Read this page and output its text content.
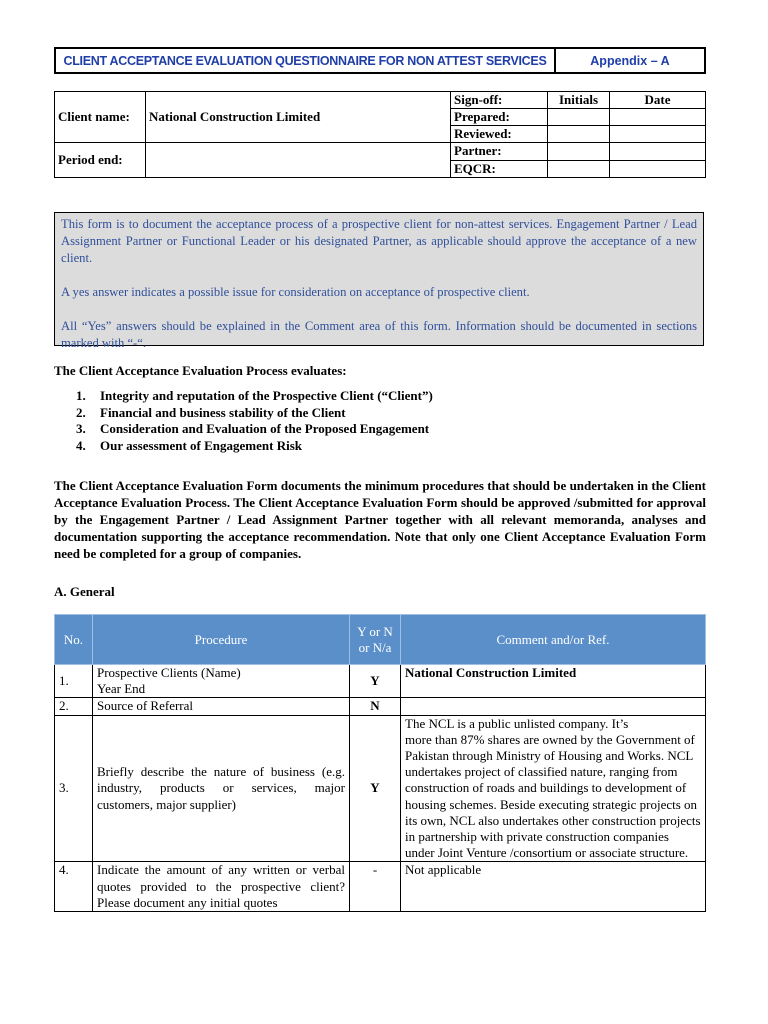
CLIENT ACCEPTANCE EVALUATION QUESTIONNAIRE FOR NON ATTEST SERVICES	Appendix – A
Client name:	National Construction Limited	Sign-off:	Initials	Date
		Prepared:		
		Reviewed:		
Period end:		Partner:		
		EQCR:		

This form is to document the acceptance process of a prospective client for non-attest services. Engagement Partner / Lead Assignment Partner or Functional Leader or his designated Partner, as applicable should approve the acceptance of a new client.

A yes answer indicates a possible issue for consideration on acceptance of prospective client.

All “Yes” answers should be explained in the Comment area of this form. Information should be documented in sections marked with “-“.

The Client Acceptance Evaluation Process evaluates:
1. Integrity and reputation of the Prospective Client (“Client”)
2. Financial and business stability of the Client
3. Consideration and Evaluation of the Proposed Engagement
4. Our assessment of Engagement Risk
The Client Acceptance Evaluation Form documents the minimum procedures that should be undertaken in the Client Acceptance Evaluation Process. The Client Acceptance Evaluation Form should be approved /submitted for approval by the Engagement Partner / Lead Assignment Partner together with all relevant memoranda, analyses and documentation supporting the acceptance recommendation. Note that only one Client Acceptance Evaluation Form need be completed for a group of companies.
A. General
No.	Procedure	Y or N or N/a	Comment and/or Ref.
1.	Prospective Clients (Name)
Year End	Y	National Construction Limited
2.	Source of Referral	N	
3.	Briefly describe the nature of business (e.g. industry, products or services, major customers, major supplier)	Y	The NCL is a public unlisted company. It’s
more than 87% shares are owned by the Government of Pakistan through Ministry of Housing and Works. NCL undertakes project of classified nature, ranging from construction of roads and buildings to development of housing schemes. Beside executing strategic projects on its own, NCL also undertakes other construction projects
in partnership with private construction companies under Joint Venture /consortium or associate structure.
4.	Indicate the amount of any written or verbal quotes provided to the prospective client? Please document any initial quotes	-	Not applicable
